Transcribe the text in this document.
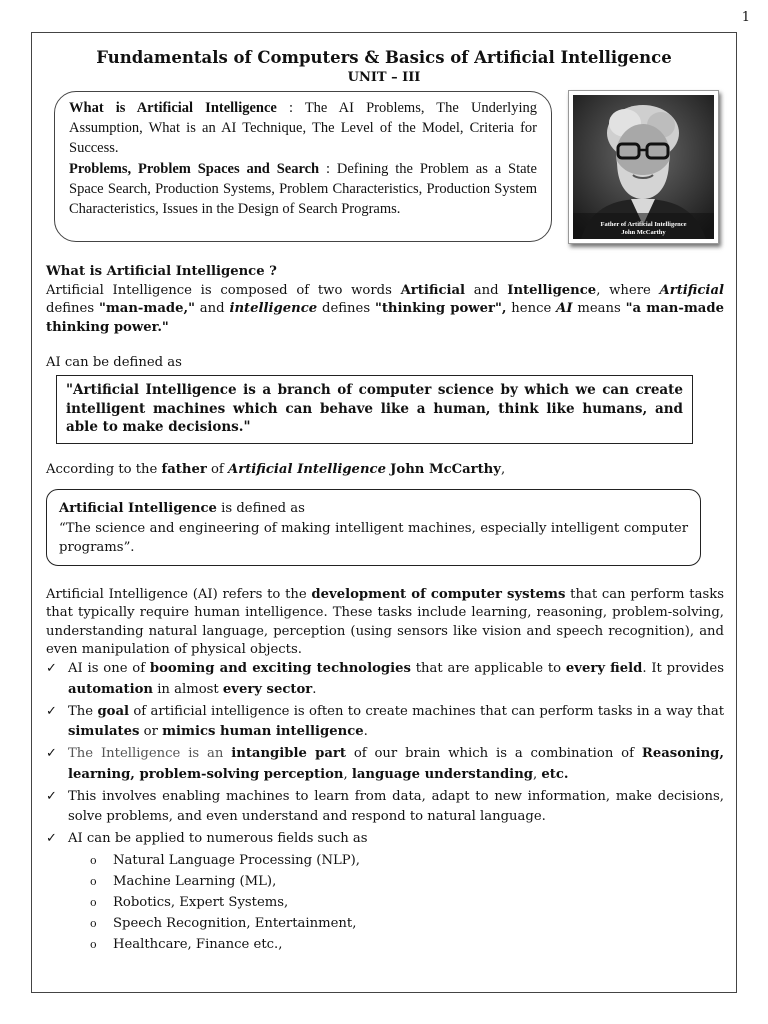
1
Fundamentals of Computers & Basics of Artificial Intelligence
UNIT – III
What is Artificial Intelligence : The AI Problems, The Underlying Assumption, What is an AI Technique, The Level of the Model, Criteria for Success.
Problems, Problem Spaces and Search : Defining the Problem as a State Space Search, Production Systems, Problem Characteristics, Production System Characteristics, Issues in the Design of Search Programs.
Father of Artificial Intelligence
John McCarthy
What is Artificial Intelligence ?
Artificial Intelligence is composed of two words Artificial and Intelligence, where Artificial defines "man-made," and intelligence defines "thinking power", hence AI means "a man-made thinking power."
AI can be defined as
"Artificial Intelligence is a branch of computer science by which we can create intelligent machines which can behave like a human, think like humans, and able to make decisions."
According to the father of Artificial Intelligence John McCarthy,
Artificial Intelligence is defined as
“The science and engineering of making intelligent machines, especially intelligent computer programs”.
Artificial Intelligence (AI) refers to the development of computer systems that can perform tasks that typically require human intelligence. These tasks include learning, reasoning, problem-solving, understanding natural language, perception (using sensors like vision and speech recognition), and even manipulation of physical objects.
✓ AI is one of booming and exciting technologies that are applicable to every field. It provides automation in almost every sector.
✓ The goal of artificial intelligence is often to create machines that can perform tasks in a way that simulates or mimics human intelligence.
✓ The Intelligence is an intangible part of our brain which is a combination of Reasoning, learning, problem-solving perception, language understanding, etc.
✓ This involves enabling machines to learn from data, adapt to new information, make decisions, solve problems, and even understand and respond to natural language.
✓ AI can be applied to numerous fields such as
o Natural Language Processing (NLP),
o Machine Learning (ML),
o Robotics, Expert Systems,
o Speech Recognition, Entertainment,
o Healthcare, Finance etc.,
